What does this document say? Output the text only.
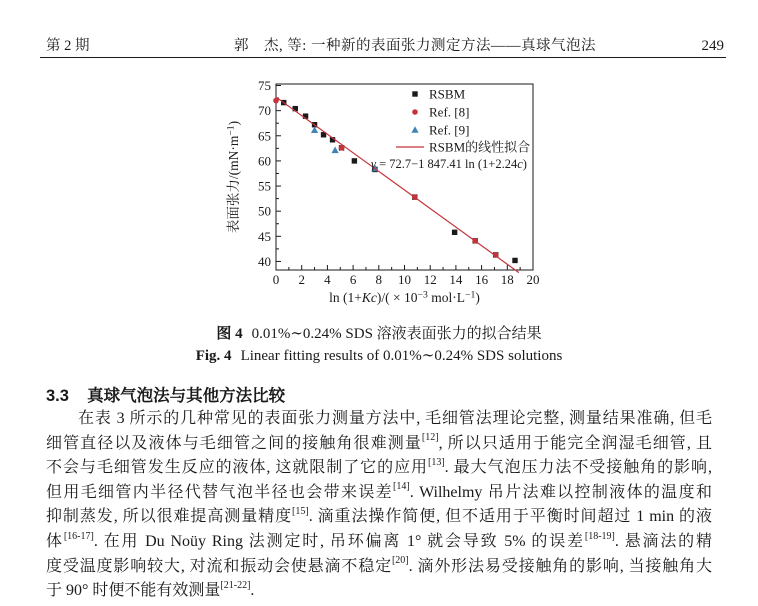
第 2 期	郭　杰, 等: 一种新的表面张力测定方法——真球气泡法	249
0 2 4 6 8 10 12 14 16 18 20
40
45
50
55
60
65
70
75
$\ln (1+Kc)/( \times 10^{-3}$ $mol\cdot L^{-1}$)
表面张力$/(mN\cdot m^{-1})$
RSBM
Ref. [8]
Ref. [9]
RSBM的线性拟合
γ = 72.7−1 847.41 ln (1+2.24c)
图 4 0.01%∼0.24% SDS 溶液表面张力的拟合结果
Fig. 4 Linear fitting results of 0.01%∼0.24% SDS solutions
3.3 真球气泡法与其他方法比较
在表 3 所示的几种常见的表面张力测量方法中, 毛细管法理论完整, 测量结果准确, 但毛
细管直径以及液体与毛细管之间的接触角很难测量[12], 所以只适用于能完全润湿毛细管, 且
不会与毛细管发生反应的液体, 这就限制了它的应用[13]. 最大气泡压力法不受接触角的影响,
但用毛细管内半径代替气泡半径也会带来误差[14]. Wilhelmy 吊片法难以控制液体的温度和
抑制蒸发, 所以很难提高测量精度[15]. 滴重法操作简便, 但不适用于平衡时间超过 1 min 的液
体[16-17]. 在用 Du Noüy Ring 法测定时, 吊环偏离 1° 就会导致 5% 的误差[18-19]. 悬滴法的精
度受温度影响较大, 对流和振动会使悬滴不稳定[20]. 滴外形法易受接触角的影响, 当接触角大
于 90° 时便不能有效测量[21-22].
